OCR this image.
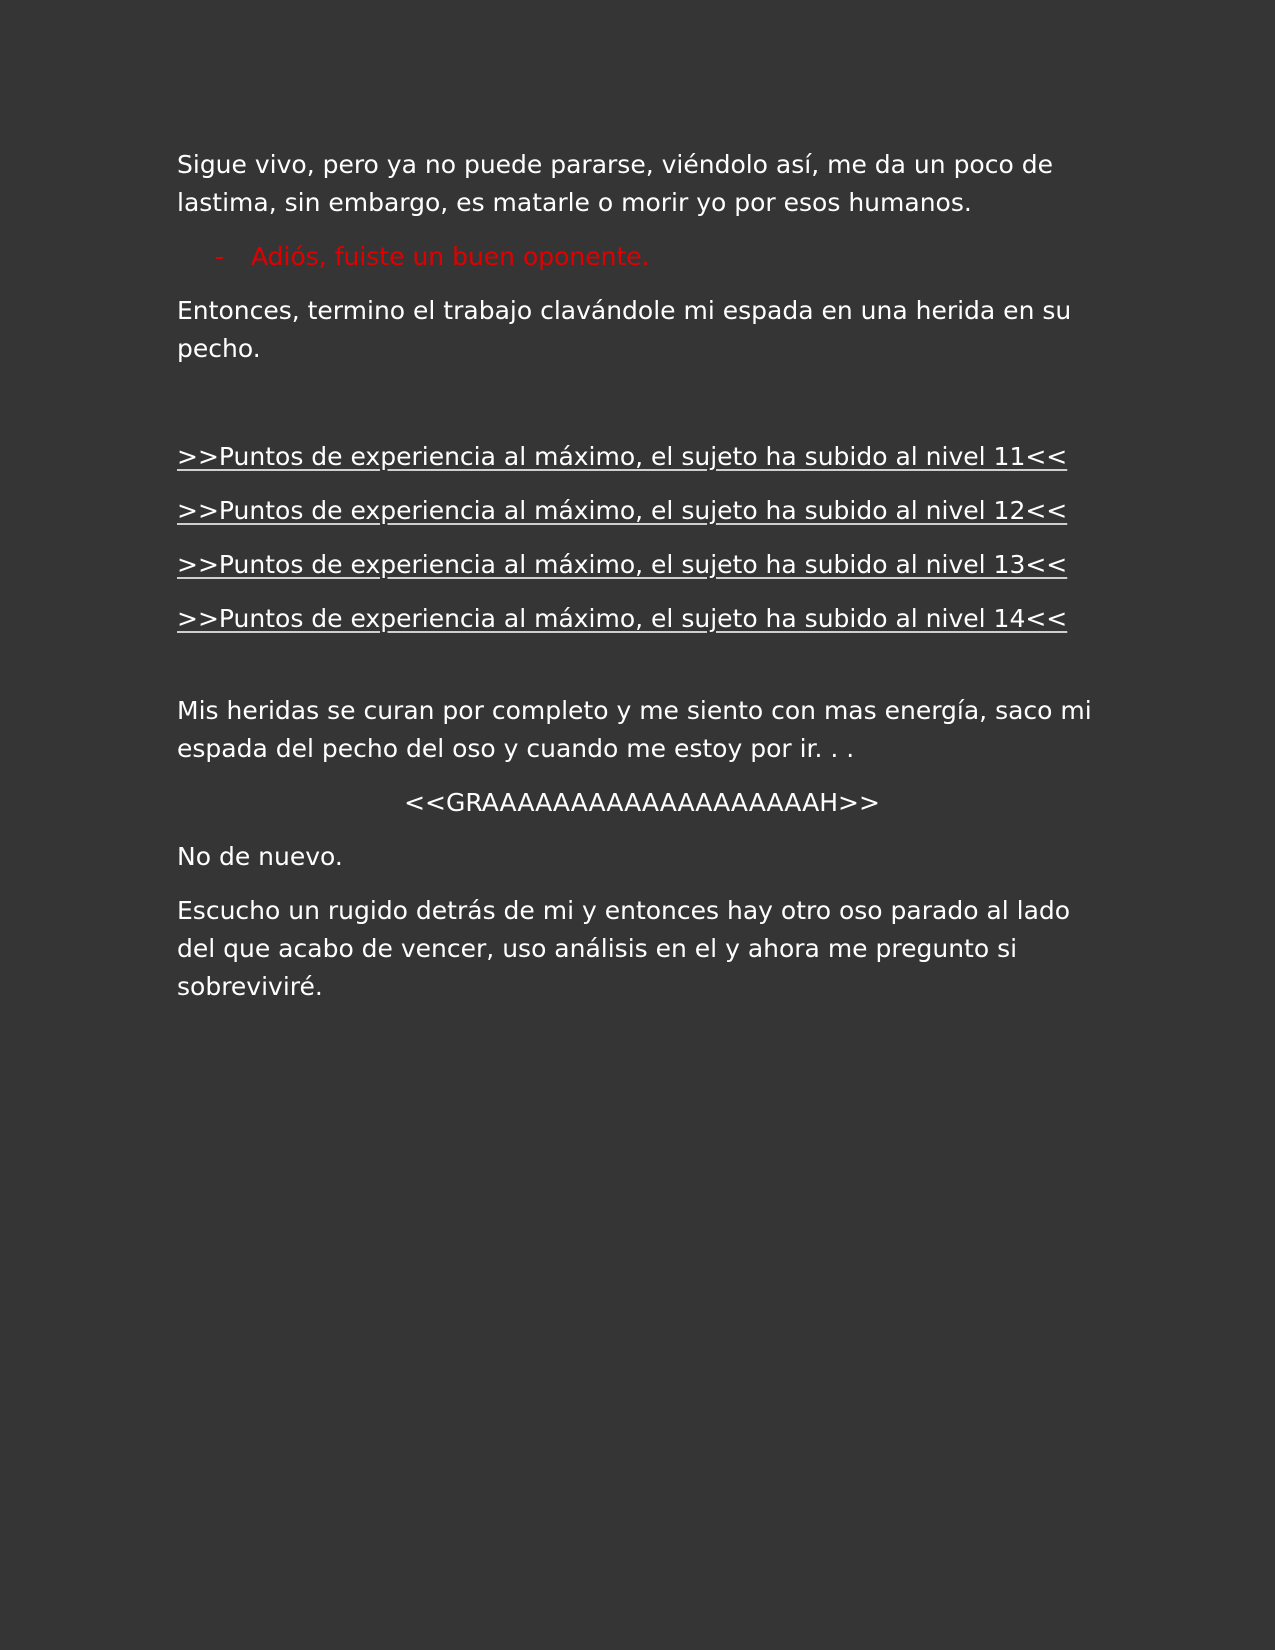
Sigue vivo, pero ya no puede pararse, viéndolo así, me da un poco de lastima, sin embargo, es matarle o morir yo por esos humanos.

-	Adiós, fuiste un buen oponente.

Entonces, termino el trabajo clavándole mi espada en una herida en su pecho.

>>Puntos de experiencia al máximo, el sujeto ha subido al nivel 11<<
>>Puntos de experiencia al máximo, el sujeto ha subido al nivel 12<<
>>Puntos de experiencia al máximo, el sujeto ha subido al nivel 13<<
>>Puntos de experiencia al máximo, el sujeto ha subido al nivel 14<<

Mis heridas se curan por completo y me siento con mas energía, saco mi espada del pecho del oso y cuando me estoy por ir. . .

<<GRAAAAAAAAAAAAAAAAAAAH>>

No de nuevo.

Escucho un rugido detrás de mi y entonces hay otro oso parado al lado del que acabo de vencer, uso análisis en el y ahora me pregunto si sobreviviré.
